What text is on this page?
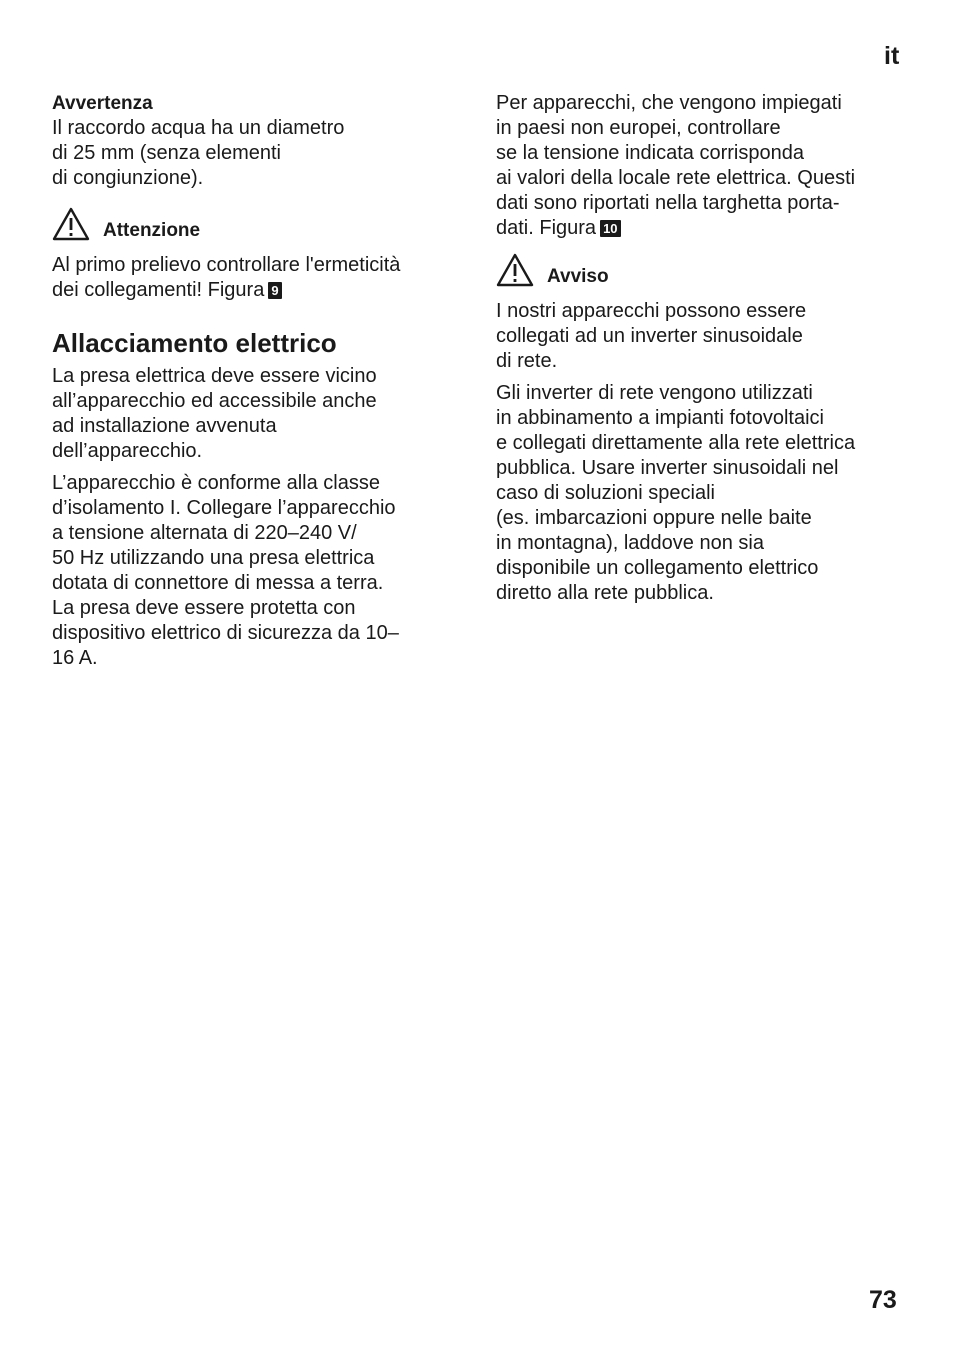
it

Avvertenza

Il raccordo acqua ha un diametro
di 25 mm (senza elementi
di congiunzione).

Attenzione

Al primo prelievo controllare l'ermeticità
dei collegamenti! Figura 9

Allacciamento elettrico

La presa elettrica deve essere vicino
all’apparecchio ed accessibile anche
ad installazione avvenuta
dell’apparecchio.

L’apparecchio è conforme alla classe
d’isolamento I. Collegare l’apparecchio
a tensione alternata di 220–240 V/
50 Hz utilizzando una presa elettrica
dotata di connettore di messa a terra.
La presa deve essere protetta con
dispositivo elettrico di sicurezza da 10–
16 A.

Per apparecchi, che vengono impiegati
in paesi non europei, controllare
se la tensione indicata corrisponda
ai valori della locale rete elettrica. Questi
dati sono riportati nella targhetta porta-
dati. Figura 10

Avviso

I nostri apparecchi possono essere
collegati ad un inverter sinusoidale
di rete.

Gli inverter di rete vengono utilizzati
in abbinamento a impianti fotovoltaici
e collegati direttamente alla rete elettrica
pubblica. Usare inverter sinusoidali nel
caso di soluzioni speciali
(es. imbarcazioni oppure nelle baite
in montagna), laddove non sia
disponibile un collegamento elettrico
diretto alla rete pubblica.

73
